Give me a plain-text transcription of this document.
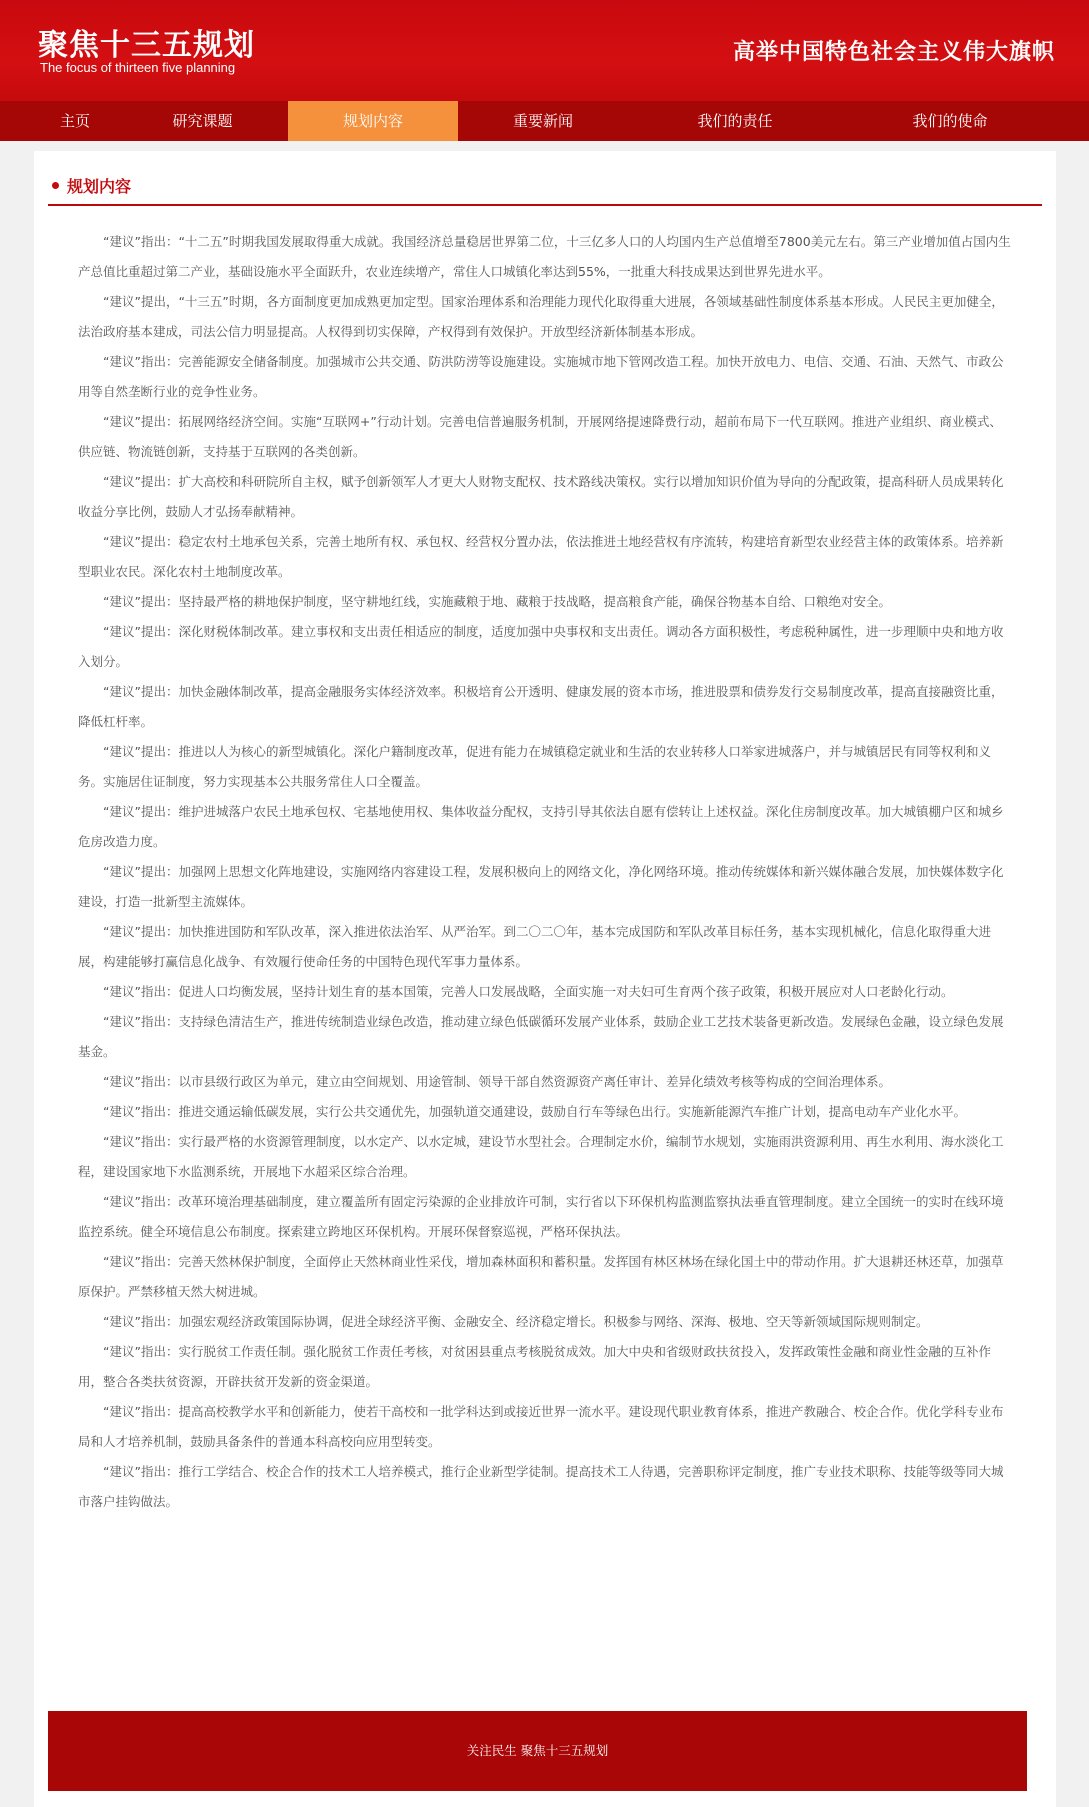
聚焦十三五规划
The focus of thirteen five planning
高举中国特色社会主义伟大旗帜
主页	研究课题	规划内容	重要新闻	我们的责任	我们的使命
规划内容

“建议”指出：“十二五”时期我国发展取得重大成就。我国经济总量稳居世界第二位，十三亿多人口的人均国内生产总值增至7800美元左右。第三产业增加值占国内生产总值比重超过第二产业，基础设施水平全面跃升，农业连续增产，常住人口城镇化率达到55%，一批重大科技成果达到世界先进水平。

“建议”提出，“十三五”时期，各方面制度更加成熟更加定型。国家治理体系和治理能力现代化取得重大进展，各领域基础性制度体系基本形成。人民民主更加健全，法治政府基本建成，司法公信力明显提高。人权得到切实保障，产权得到有效保护。开放型经济新体制基本形成。

“建议”指出：完善能源安全储备制度。加强城市公共交通、防洪防涝等设施建设。实施城市地下管网改造工程。加快开放电力、电信、交通、石油、天然气、市政公用等自然垄断行业的竞争性业务。

“建议”提出：拓展网络经济空间。实施“互联网+”行动计划。完善电信普遍服务机制，开展网络提速降费行动，超前布局下一代互联网。推进产业组织、商业模式、供应链、物流链创新，支持基于互联网的各类创新。

“建议”提出：扩大高校和科研院所自主权，赋予创新领军人才更大人财物支配权、技术路线决策权。实行以增加知识价值为导向的分配政策，提高科研人员成果转化收益分享比例，鼓励人才弘扬奉献精神。

“建议”提出：稳定农村土地承包关系，完善土地所有权、承包权、经营权分置办法，依法推进土地经营权有序流转，构建培育新型农业经营主体的政策体系。培养新型职业农民。深化农村土地制度改革。

“建议”提出：坚持最严格的耕地保护制度，坚守耕地红线，实施藏粮于地、藏粮于技战略，提高粮食产能，确保谷物基本自给、口粮绝对安全。

“建议”提出：深化财税体制改革。建立事权和支出责任相适应的制度，适度加强中央事权和支出责任。调动各方面积极性，考虑税种属性，进一步理顺中央和地方收入划分。

“建议”提出：加快金融体制改革，提高金融服务实体经济效率。积极培育公开透明、健康发展的资本市场，推进股票和债券发行交易制度改革，提高直接融资比重，降低杠杆率。

“建议”提出：推进以人为核心的新型城镇化。深化户籍制度改革，促进有能力在城镇稳定就业和生活的农业转移人口举家进城落户，并与城镇居民有同等权利和义务。实施居住证制度，努力实现基本公共服务常住人口全覆盖。

“建议”提出：维护进城落户农民土地承包权、宅基地使用权、集体收益分配权，支持引导其依法自愿有偿转让上述权益。深化住房制度改革。加大城镇棚户区和城乡危房改造力度。

“建议”提出：加强网上思想文化阵地建设，实施网络内容建设工程，发展积极向上的网络文化，净化网络环境。推动传统媒体和新兴媒体融合发展，加快媒体数字化建设，打造一批新型主流媒体。

“建议”提出：加快推进国防和军队改革，深入推进依法治军、从严治军。到二〇二〇年，基本完成国防和军队改革目标任务，基本实现机械化，信息化取得重大进展，构建能够打赢信息化战争、有效履行使命任务的中国特色现代军事力量体系。

“建议”指出：促进人口均衡发展，坚持计划生育的基本国策，完善人口发展战略，全面实施一对夫妇可生育两个孩子政策，积极开展应对人口老龄化行动。

“建议”指出：支持绿色清洁生产，推进传统制造业绿色改造，推动建立绿色低碳循环发展产业体系，鼓励企业工艺技术装备更新改造。发展绿色金融，设立绿色发展基金。

“建议”指出：以市县级行政区为单元，建立由空间规划、用途管制、领导干部自然资源资产离任审计、差异化绩效考核等构成的空间治理体系。

“建议”指出：推进交通运输低碳发展，实行公共交通优先，加强轨道交通建设，鼓励自行车等绿色出行。实施新能源汽车推广计划，提高电动车产业化水平。

“建议”指出：实行最严格的水资源管理制度，以水定产、以水定城，建设节水型社会。合理制定水价，编制节水规划，实施雨洪资源利用、再生水利用、海水淡化工程，建设国家地下水监测系统，开展地下水超采区综合治理。

“建议”指出：改革环境治理基础制度，建立覆盖所有固定污染源的企业排放许可制，实行省以下环保机构监测监察执法垂直管理制度。建立全国统一的实时在线环境监控系统。健全环境信息公布制度。探索建立跨地区环保机构。开展环保督察巡视，严格环保执法。

“建议”指出：完善天然林保护制度，全面停止天然林商业性采伐，增加森林面积和蓄积量。发挥国有林区林场在绿化国土中的带动作用。扩大退耕还林还草，加强草原保护。严禁移植天然大树进城。

“建议”指出：加强宏观经济政策国际协调，促进全球经济平衡、金融安全、经济稳定增长。积极参与网络、深海、极地、空天等新领域国际规则制定。

“建议”指出：实行脱贫工作责任制。强化脱贫工作责任考核，对贫困县重点考核脱贫成效。加大中央和省级财政扶贫投入，发挥政策性金融和商业性金融的互补作用，整合各类扶贫资源，开辟扶贫开发新的资金渠道。

“建议”指出：提高高校教学水平和创新能力，使若干高校和一批学科达到或接近世界一流水平。建设现代职业教育体系，推进产教融合、校企合作。优化学科专业布局和人才培养机制，鼓励具备条件的普通本科高校向应用型转变。

“建议”指出：推行工学结合、校企合作的技术工人培养模式，推行企业新型学徒制。提高技术工人待遇，完善职称评定制度，推广专业技术职称、技能等级等同大城市落户挂钩做法。

关注民生 聚焦十三五规划
